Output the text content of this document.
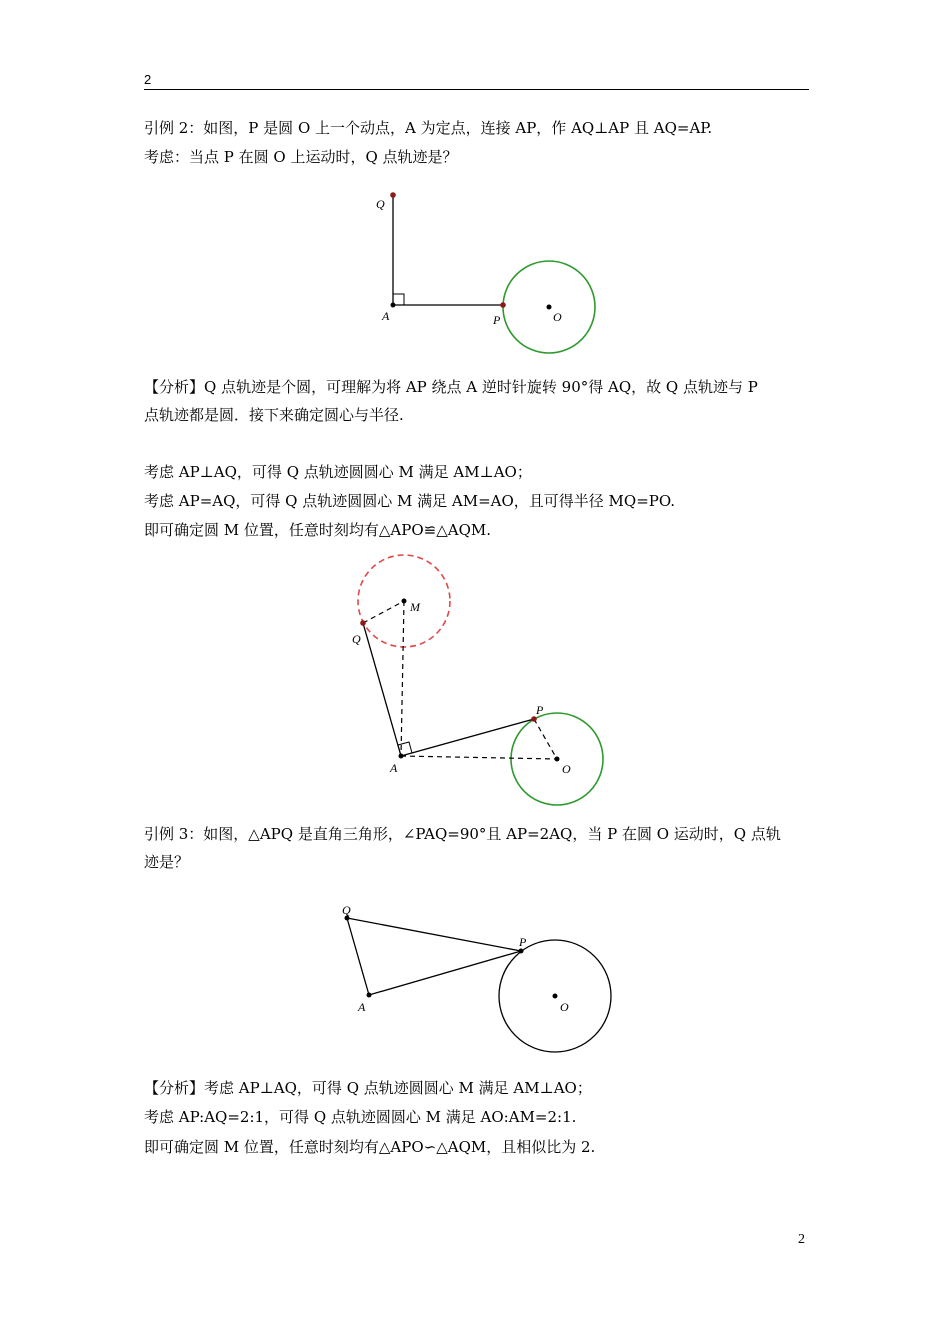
2
2
引例 2：如图，P 是圆 O 上一个动点，A 为定点，连接 AP，作 AQ⊥AP 且 AQ=AP.
考虑：当点 P 在圆 O 上运动时，Q 点轨迹是？
【分析】Q 点轨迹是个圆，可理解为将 AP 绕点 A 逆时针旋转 90°得 AQ，故 Q 点轨迹与 P
点轨迹都是圆．接下来确定圆心与半径.
考虑 AP⊥AQ，可得 Q 点轨迹圆圆心 M 满足 AM⊥AO；
考虑 AP=AQ，可得 Q 点轨迹圆圆心 M 满足 AM=AO，且可得半径 MQ=PO.
即可确定圆 M 位置，任意时刻均有△APO≌△AQM.
引例 3：如图，△APQ 是直角三角形，∠PAQ=90°且 AP=2AQ，当 P 在圆 O 运动时，Q 点轨
迹是？
【分析】考虑 AP⊥AQ，可得 Q 点轨迹圆圆心 M 满足 AM⊥AO；
考虑 AP:AQ=2:1，可得 Q 点轨迹圆圆心 M 满足 AO:AM=2:1.
即可确定圆 M 位置，任意时刻均有△APO∽△AQM，且相似比为 2.
Q
A	P	O
M
Q
P
A	O
Q
P
A	O
